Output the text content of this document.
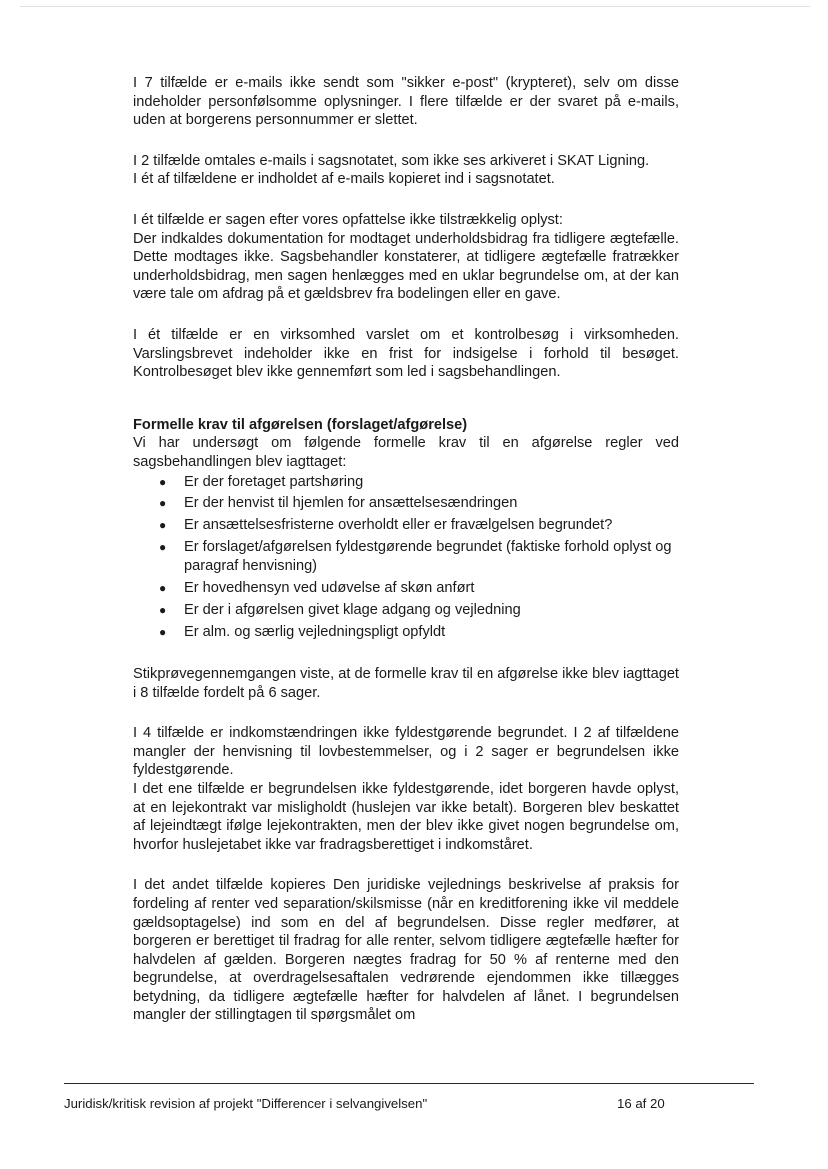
I 7 tilfælde er e-mails ikke sendt som "sikker e-post" (krypteret), selv om disse indeholder personfølsomme oplysninger. I flere tilfælde er der svaret på e-mails, uden at borgerens personnummer er slettet.

I 2 tilfælde omtales e-mails i sagsnotatet, som ikke ses arkiveret i SKAT Ligning.

I ét af tilfældene er indholdet af e-mails kopieret ind i sagsnotatet.

I ét tilfælde er sagen efter vores opfattelse ikke tilstrækkelig oplyst:

Der indkaldes dokumentation for modtaget underholdsbidrag fra tidligere ægtefælle. Dette modtages ikke. Sagsbehandler konstaterer, at tidligere ægtefælle fratrækker underholdsbidrag, men sagen henlægges med en uklar begrundelse om, at der kan være tale om afdrag på et gældsbrev fra bodelingen eller en gave.

I ét tilfælde er en virksomhed varslet om et kontrolbesøg i virksomheden. Varslingsbrevet indeholder ikke en frist for indsigelse i forhold til besøget. Kontrolbesøget blev ikke gennemført som led i sagsbehandlingen.

Formelle krav til afgørelsen (forslaget/afgørelse)

Vi har undersøgt om følgende formelle krav til en afgørelse regler ved sagsbehandlingen blev iagttaget:

● Er der foretaget partshøring
● Er der henvist til hjemlen for ansættelsesændringen
● Er ansættelsesfristerne overholdt eller er fravælgelsen begrundet?
● Er forslaget/afgørelsen fyldestgørende begrundet (faktiske forhold oplyst og paragraf henvisning)
● Er hovedhensyn ved udøvelse af skøn anført
● Er der i afgørelsen givet klage adgang og vejledning
● Er alm. og særlig vejledningspligt opfyldt

Stikprøvegennemgangen viste, at de formelle krav til en afgørelse ikke blev iagttaget i 8 tilfælde fordelt på 6 sager.

I 4 tilfælde er indkomstændringen ikke fyldestgørende begrundet. I 2 af tilfældene mangler der henvisning til lovbestemmelser, og i 2 sager er begrundelsen ikke fyldestgørende.

I det ene tilfælde er begrundelsen ikke fyldestgørende, idet borgeren havde oplyst, at en lejekontrakt var misligholdt (huslejen var ikke betalt). Borgeren blev beskattet af lejeindtægt ifølge lejekontrakten, men der blev ikke givet nogen begrundelse om, hvorfor huslejetabet ikke var fradragsberettiget i indkomståret.

I det andet tilfælde kopieres Den juridiske vejlednings beskrivelse af praksis for fordeling af renter ved separation/skilsmisse (når en kreditforening ikke vil meddele gældsoptagelse) ind som en del af begrundelsen. Disse regler medfører, at borgeren er berettiget til fradrag for alle renter, selvom tidligere ægtefælle hæfter for halvdelen af gælden. Borgeren nægtes fradrag for 50 % af renterne med den begrundelse, at overdragelsesaftalen vedrørende ejendommen ikke tillægges betydning, da tidligere ægtefælle hæfter for halvdelen af lånet. I begrundelsen mangler der stillingtagen til spørgsmålet om

Juridisk/kritisk revision af projekt "Differencer i selvangivelsen"	16 af 20
